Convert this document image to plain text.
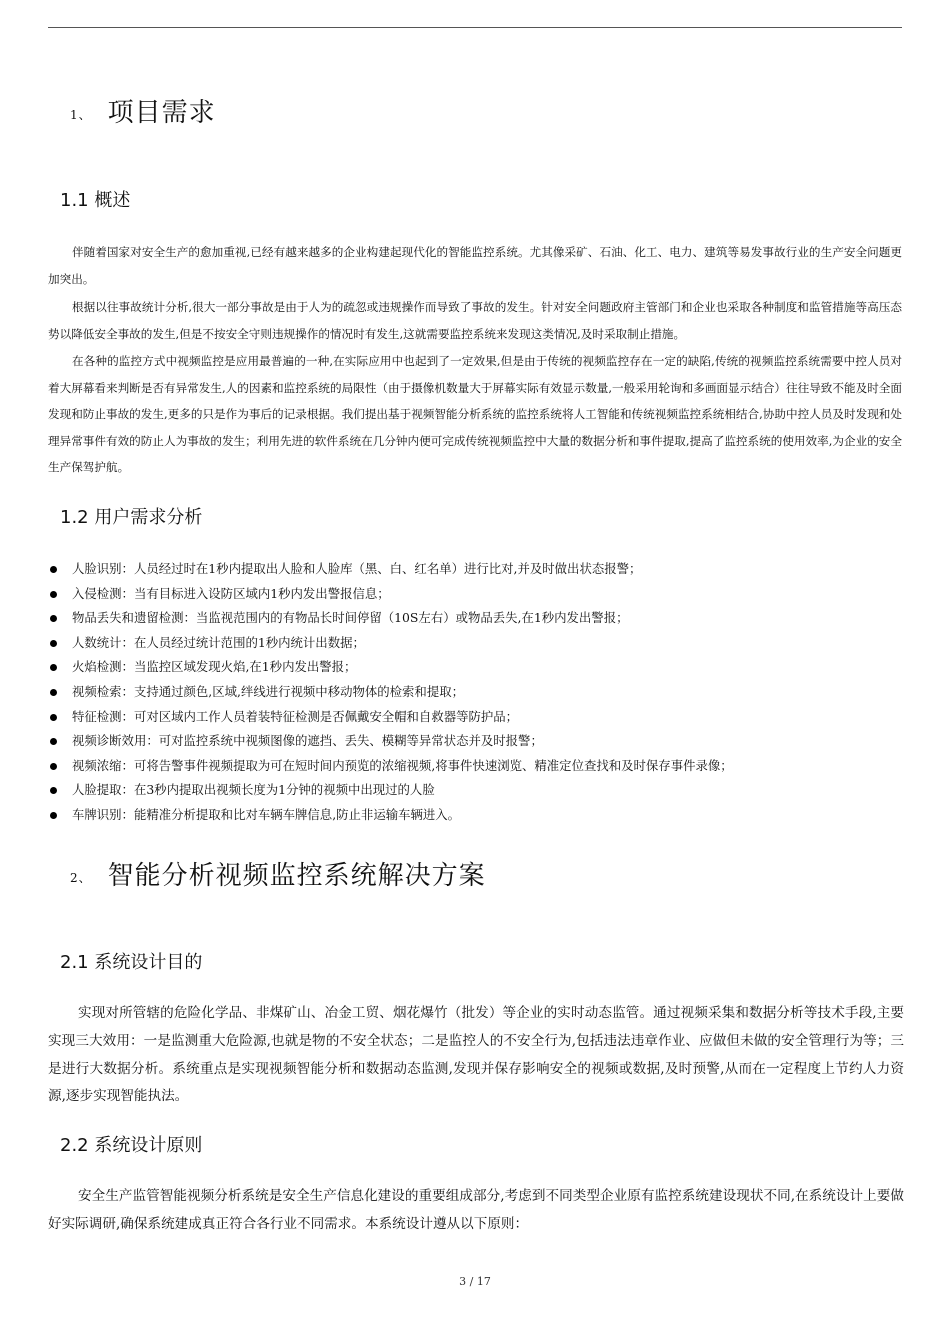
1、 项目需求
1.1 概述
伴随着国家对安全生产的愈加重视,已经有越来越多的企业构建起现代化的智能监控系统。尤其像采矿、石油、化工、电力、建筑等易发事故行业的生产安全问题更加突出。
根据以往事故统计分析,很大一部分事故是由于人为的疏忽或违规操作而导致了事故的发生。针对安全问题政府主管部门和企业也采取各种制度和监管措施等高压态势以降低安全事故的发生,但是不按安全守则违规操作的情况时有发生,这就需要监控系统来发现这类情况,及时采取制止措施。
在各种的监控方式中视频监控是应用最普遍的一种,在实际应用中也起到了一定效果,但是由于传统的视频监控存在一定的缺陷,传统的视频监控系统需要中控人员对着大屏幕看来判断是否有异常发生,人的因素和监控系统的局限性（由于摄像机数量大于屏幕实际有效显示数量,一般采用轮询和多画面显示结合）往往导致不能及时全面发现和防止事故的发生,更多的只是作为事后的记录根据。我们提出基于视频智能分析系统的监控系统将人工智能和传统视频监控系统相结合,协助中控人员及时发现和处理异常事件有效的防止人为事故的发生；利用先进的软件系统在几分钟内便可完成传统视频监控中大量的数据分析和事件提取,提高了监控系统的使用效率,为企业的安全生产保驾护航。
1.2 用户需求分析
人脸识别：人员经过时在1秒内提取出人脸和人脸库（黑、白、红名单）进行比对,并及时做出状态报警；
入侵检测：当有目标进入设防区域内1秒内发出警报信息；
物品丢失和遗留检测：当监视范围内的有物品长时间停留（10S左右）或物品丢失,在1秒内发出警报；
人数统计：在人员经过统计范围的1秒内统计出数据；
火焰检测：当监控区域发现火焰,在1秒内发出警报；
视频检索：支持通过颜色,区域,绊线进行视频中移动物体的检索和提取；
特征检测：可对区域内工作人员着装特征检测是否佩戴安全帽和自救器等防护品；
视频诊断效用：可对监控系统中视频图像的遮挡、丢失、模糊等异常状态并及时报警；
视频浓缩：可将告警事件视频提取为可在短时间内预览的浓缩视频,将事件快速浏览、精准定位查找和及时保存事件录像；
人脸提取：在3秒内提取出视频长度为1分钟的视频中出现过的人脸
车牌识别：能精准分析提取和比对车辆车牌信息,防止非运输车辆进入。
2、 智能分析视频监控系统解决方案
2.1 系统设计目的
实现对所管辖的危险化学品、非煤矿山、冶金工贸、烟花爆竹（批发）等企业的实时动态监管。通过视频采集和数据分析等技术手段,主要实现三大效用：一是监测重大危险源,也就是物的不安全状态；二是监控人的不安全行为,包括违法违章作业、应做但未做的安全管理行为等；三是进行大数据分析。系统重点是实现视频智能分析和数据动态监测,发现并保存影响安全的视频或数据,及时预警,从而在一定程度上节约人力资源,逐步实现智能执法。
2.2 系统设计原则
安全生产监管智能视频分析系统是安全生产信息化建设的重要组成部分,考虑到不同类型企业原有监控系统建设现状不同,在系统设计上要做好实际调研,确保系统建成真正符合各行业不同需求。本系统设计遵从以下原则：
3 / 17
